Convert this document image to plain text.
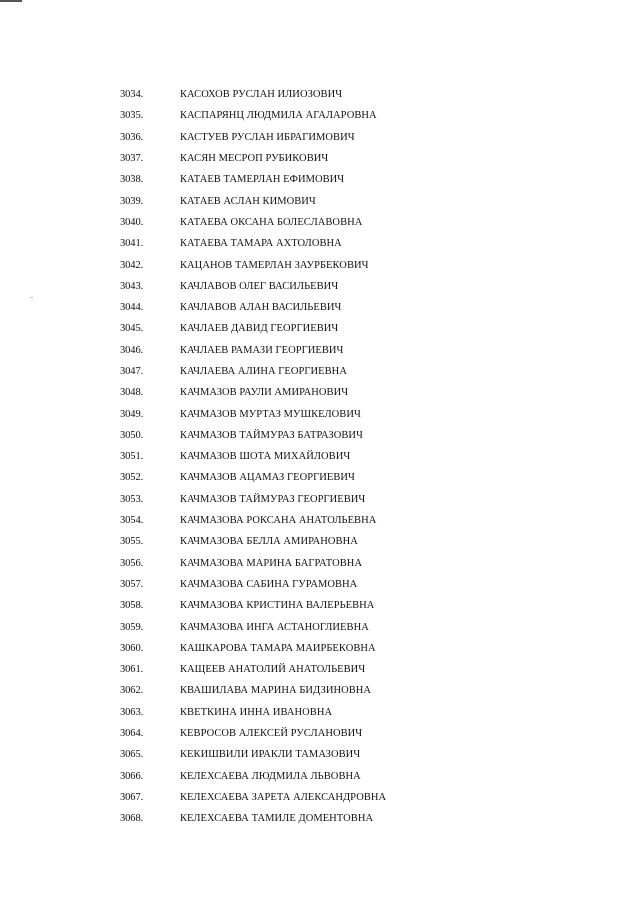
3034.	КАСОХОВ РУСЛАН ИЛИОЗОВИЧ
3035.	КАСПАРЯНЦ ЛЮДМИЛА АГАЛАРОВНА
3036.	КАСТУЕВ РУСЛАН ИБРАГИМОВИЧ
3037.	КАСЯН МЕСРОП РУБИКОВИЧ
3038.	КАТАЕВ ТАМЕРЛАН ЕФИМОВИЧ
3039.	КАТАЕВ АСЛАН КИМОВИЧ
3040.	КАТАЕВА ОКСАНА БОЛЕСЛАВОВНА
3041.	КАТАЕВА ТАМАРА АХТОЛОВНА
3042.	КАЦАНОВ ТАМЕРЛАН ЗАУРБЕКОВИЧ
3043.	КАЧЛАВОВ ОЛЕГ ВАСИЛЬЕВИЧ
3044.	КАЧЛАВОВ АЛАН ВАСИЛЬЕВИЧ
3045.	КАЧЛАЕВ ДАВИД ГЕОРГИЕВИЧ
3046.	КАЧЛАЕВ РАМАЗИ ГЕОРГИЕВИЧ
3047.	КАЧЛАЕВА АЛИНА ГЕОРГИЕВНА
3048.	КАЧМАЗОВ РАУЛИ АМИРАНОВИЧ
3049.	КАЧМАЗОВ МУРТАЗ МУШКЕЛОВИЧ
3050.	КАЧМАЗОВ ТАЙМУРАЗ БАТРАЗОВИЧ
3051.	КАЧМАЗОВ ШОТА МИХАЙЛОВИЧ
3052.	КАЧМАЗОВ АЦАМАЗ ГЕОРГИЕВИЧ
3053.	КАЧМАЗОВ ТАЙМУРАЗ ГЕОРГИЕВИЧ
3054.	КАЧМАЗОВА РОКСАНА АНАТОЛЬЕВНА
3055.	КАЧМАЗОВА БЕЛЛА АМИРАНОВНА
3056.	КАЧМАЗОВА МАРИНА БАГРАТОВНА
3057.	КАЧМАЗОВА САБИНА ГУРАМОВНА
3058.	КАЧМАЗОВА КРИСТИНА ВАЛЕРЬЕВНА
3059.	КАЧМАЗОВА ИНГА АСТАНОГЛИЕВНА
3060.	КАШКАРОВА ТАМАРА МАИРБЕКОВНА
3061.	КАЩЕЕВ АНАТОЛИЙ АНАТОЛЬЕВИЧ
3062.	КВАШИЛАВА МАРИНА БИДЗИНОВНА
3063.	КВЕТКИНА ИННА ИВАНОВНА
3064.	КЕВРОСОВ АЛЕКСЕЙ РУСЛАНОВИЧ
3065.	КЕКИШВИЛИ ИРАКЛИ ТАМАЗОВИЧ
3066.	КЕЛЕХСАЕВА ЛЮДМИЛА ЛЬВОВНА
3067.	КЕЛЕХСАЕВА ЗАРЕТА АЛЕКСАНДРОВНА
3068.	КЕЛЕХСАЕВА ТАМИЛЕ ДОМЕНТОВНА
